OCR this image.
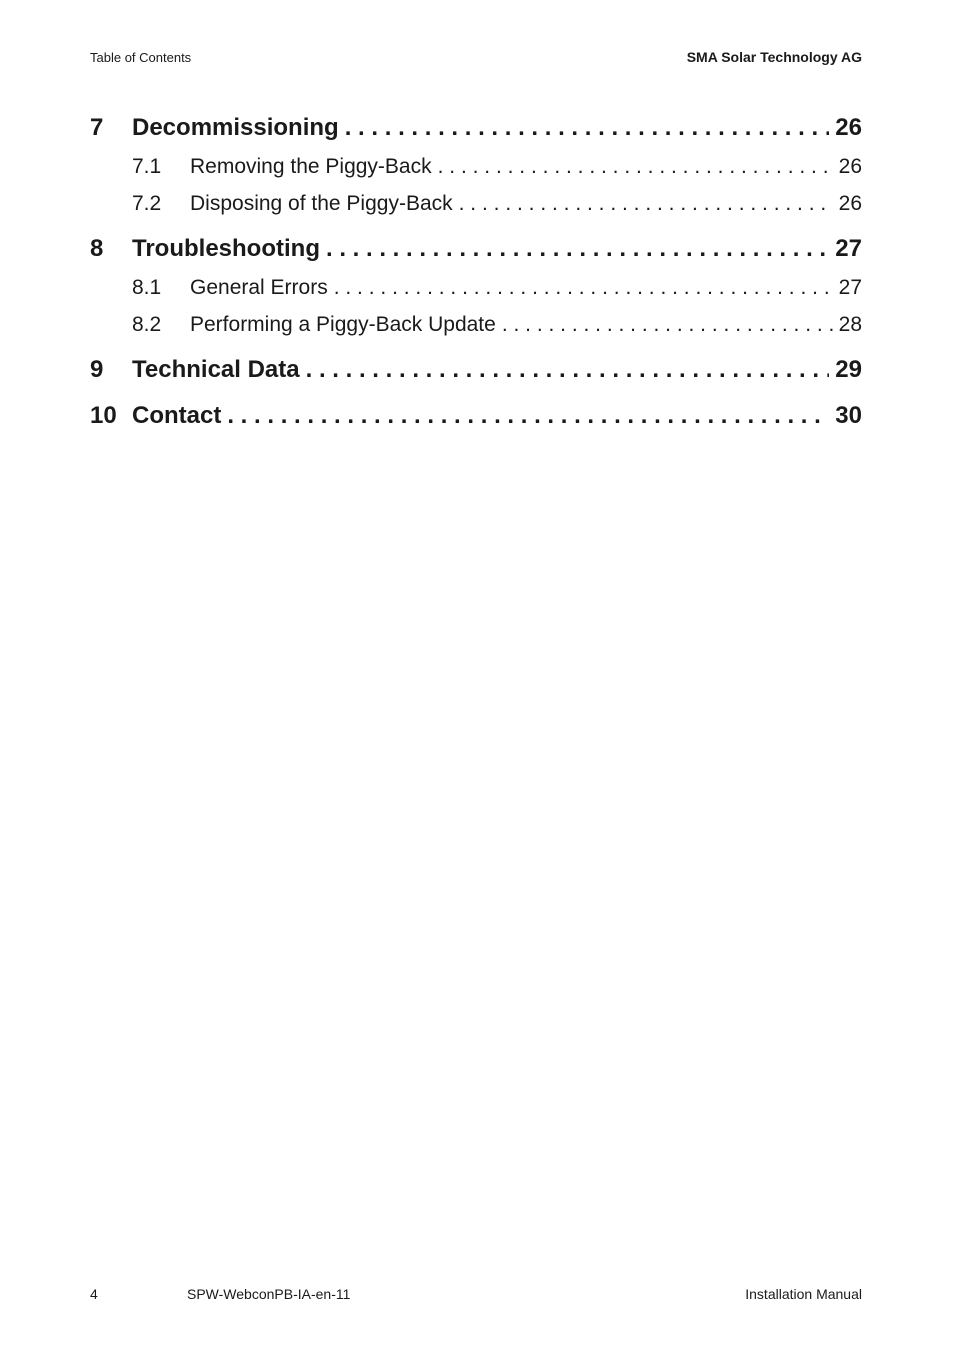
Table of Contents	SMA Solar Technology AG
7	Decommissioning . . .	26
7.1	Removing the Piggy-Back . . .	26
7.2	Disposing of the Piggy-Back . . .	26
8	Troubleshooting . . .	27
8.1	General Errors . . .	27
8.2	Performing a Piggy-Back Update . . .	28
9	Technical Data . . .	29
10 Contact . . .	30
4	SPW-WebconPB-IA-en-11	Installation Manual
